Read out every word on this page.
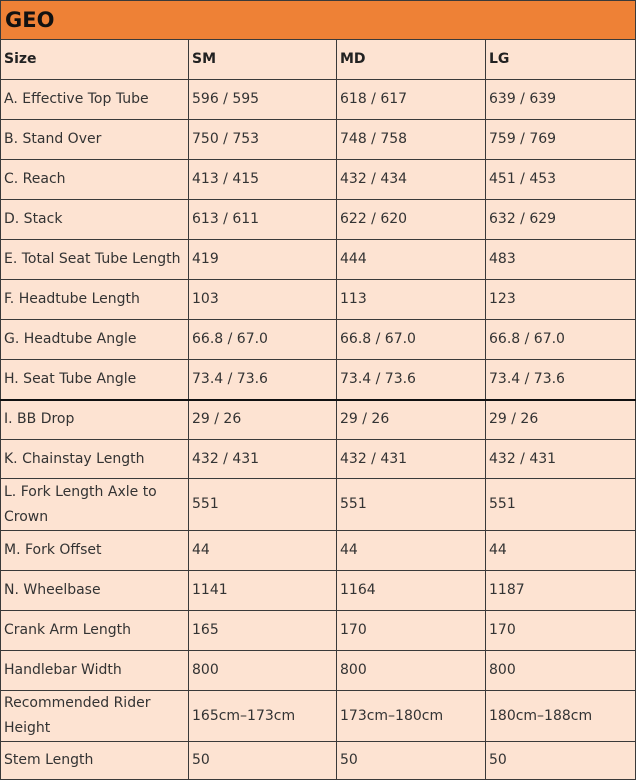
GEO			
Size	SM	MD	LG
A. Effective Top Tube	596 / 595	618 / 617	639 / 639
B. Stand Over	750 / 753	748 / 758	759 / 769
C. Reach	413 / 415	432 / 434	451 / 453
D. Stack	613 / 611	622 / 620	632 / 629
E. Total Seat Tube Length	419	444	483
F. Headtube Length	103	113	123
G. Headtube Angle	66.8 / 67.0	66.8 / 67.0	66.8 / 67.0
H. Seat Tube Angle	73.4 / 73.6	73.4 / 73.6	73.4 / 73.6
I. BB Drop	29 / 26	29 / 26	29 / 26
K. Chainstay Length	432 / 431	432 / 431	432 / 431
L. Fork Length Axle to Crown	551	551	551
M. Fork Offset	44	44	44
N. Wheelbase	1141	1164	1187
Crank Arm Length	165	170	170
Handlebar Width	800	800	800
Recommended Rider Height	165cm–173cm	173cm–180cm	180cm–188cm
Stem Length	50	50	50
